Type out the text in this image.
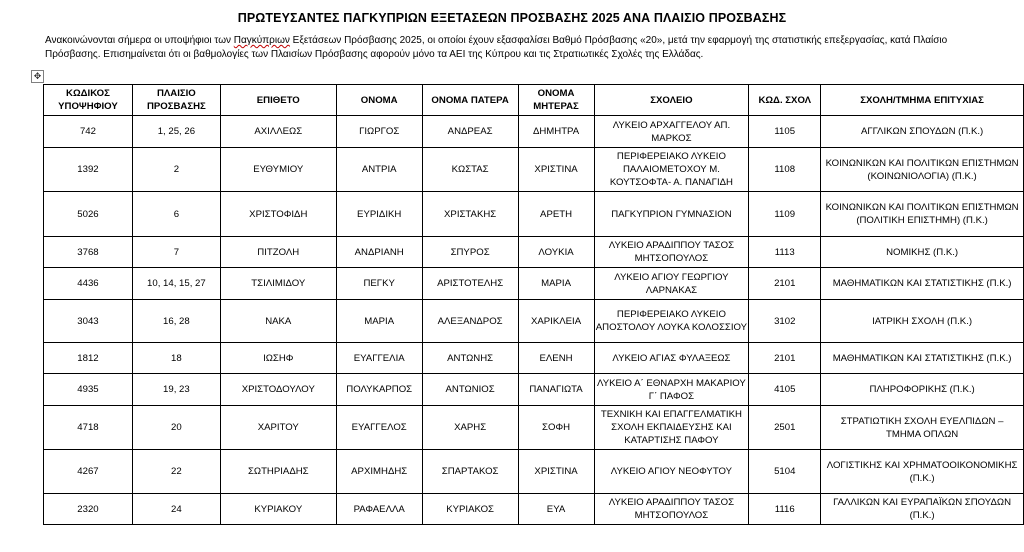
ΠΡΩΤΕΥΣΑΝΤΕΣ ΠΑΓΚΥΠΡΙΩΝ ΕΞΕΤΑΣΕΩΝ ΠΡΟΣΒΑΣΗΣ 2025 ΑΝΑ ΠΛΑΙΣΙΟ ΠΡΟΣΒΑΣΗΣ
Ανακοινώνονται σήμερα οι υποψήφιοι των Παγκύπριων Εξετάσεων Πρόσβασης 2025, οι οποίοι έχουν εξασφαλίσει Βαθμό Πρόσβασης «20», μετά την εφαρμογή της στατιστικής επεξεργασίας, κατά Πλαίσιο Πρόσβασης. Επισημαίνεται ότι οι βαθμολογίες των Πλαισίων Πρόσβασης αφορούν μόνο τα ΑΕΙ της Κύπρου και τις Στρατιωτικές Σχολές της Ελλάδας.
✥
ΚΩΔΙΚΟΣ ΥΠΟΨΗΦΙΟΥ	ΠΛΑΙΣΙΟ ΠΡΟΣΒΑΣΗΣ	ΕΠΙΘΕΤΟ	ΟΝΟΜΑ	ΟΝΟΜΑ ΠΑΤΕΡΑ	ΟΝΟΜΑ ΜΗΤΕΡΑΣ	ΣΧΟΛΕΙΟ	ΚΩΔ. ΣΧΟΛ	ΣΧΟΛΗ/ΤΜΗΜΑ ΕΠΙΤΥΧΙΑΣ
742	1, 25, 26	ΑΧΙΛΛΕΩΣ	ΓΙΩΡΓΟΣ	ΑΝΔΡΕΑΣ	ΔΗΜΗΤΡΑ	ΛΥΚΕΙΟ ΑΡΧΑΓΓΕΛΟΥ ΑΠ. ΜΑΡΚΟΣ	1105	ΑΓΓΛΙΚΩΝ ΣΠΟΥΔΩΝ (Π.Κ.)
1392	2	ΕΥΘΥΜΙΟΥ	ΑΝΤΡΙΑ	ΚΩΣΤΑΣ	ΧΡΙΣΤΙΝΑ	ΠΕΡΙΦΕΡΕΙΑΚΟ ΛΥΚΕΙΟ ΠΑΛΑΙΟΜΕΤΟΧΟΥ Μ. ΚΟΥΤΣΟΦΤΑ- Α. ΠΑΝΑΓΙΔΗ	1108	ΚΟΙΝΩΝΙΚΩΝ ΚΑΙ ΠΟΛΙΤΙΚΩΝ ΕΠΙΣΤΗΜΩΝ (ΚΟΙΝΩΝΙΟΛΟΓΙΑ) (Π.Κ.)
5026	6	ΧΡΙΣΤΟΦΙΔΗ	ΕΥΡΙΔΙΚΗ	ΧΡΙΣΤΑΚΗΣ	ΑΡΕΤΗ	ΠΑΓΚΥΠΡΙΟΝ ΓΥΜΝΑΣΙΟΝ	1109	ΚΟΙΝΩΝΙΚΩΝ ΚΑΙ ΠΟΛΙΤΙΚΩΝ ΕΠΙΣΤΗΜΩΝ (ΠΟΛΙΤΙΚΗ ΕΠΙΣΤΗΜΗ) (Π.Κ.)
3768	7	ΠΙΤΖΟΛΗ	ΑΝΔΡΙΑΝΗ	ΣΠΥΡΟΣ	ΛΟΥΚΙΑ	ΛΥΚΕΙΟ ΑΡΑΔΙΠΠΟΥ ΤΑΣΟΣ ΜΗΤΣΟΠΟΥΛΟΣ	1113	ΝΟΜΙΚΗΣ (Π.Κ.)
4436	10, 14, 15, 27	ΤΣΙΛΙΜΙΔΟΥ	ΠΕΓΚΥ	ΑΡΙΣΤΟΤΕΛΗΣ	ΜΑΡΙΑ	ΛΥΚΕΙΟ ΑΓΙΟΥ ΓΕΩΡΓΙΟΥ ΛΑΡΝΑΚΑΣ	2101	ΜΑΘΗΜΑΤΙΚΩΝ ΚΑΙ ΣΤΑΤΙΣΤΙΚΗΣ (Π.Κ.)
3043	16, 28	ΝΑΚΑ	ΜΑΡΙΑ	ΑΛΕΞΑΝΔΡΟΣ	ΧΑΡΙΚΛΕΙΑ	ΠΕΡΙΦΕΡΕΙΑΚΟ ΛΥΚΕΙΟ ΑΠΟΣΤΟΛΟΥ ΛΟΥΚΑ ΚΟΛΟΣΣΙΟΥ	3102	ΙΑΤΡΙΚΗ ΣΧΟΛΗ (Π.Κ.)
1812	18	ΙΩΣΗΦ	ΕΥΑΓΓΕΛΙΑ	ΑΝΤΩΝΗΣ	ΕΛΕΝΗ	ΛΥΚΕΙΟ ΑΓΙΑΣ ΦΥΛΑΞΕΩΣ	2101	ΜΑΘΗΜΑΤΙΚΩΝ ΚΑΙ ΣΤΑΤΙΣΤΙΚΗΣ (Π.Κ.)
4935	19, 23	ΧΡΙΣΤΟΔΟΥΛΟΥ	ΠΟΛΥΚΑΡΠΟΣ	ΑΝΤΩΝΙΟΣ	ΠΑΝΑΓΙΩΤΑ	ΛΥΚΕΙΟ Α΄ ΕΘΝΑΡΧΗ ΜΑΚΑΡΙΟΥ Γ΄ ΠΑΦΟΣ	4105	ΠΛΗΡΟΦΟΡΙΚΗΣ (Π.Κ.)
4718	20	ΧΑΡΙΤΟΥ	ΕΥΑΓΓΕΛΟΣ	ΧΑΡΗΣ	ΣΟΦΗ	ΤΕΧΝΙΚΗ ΚΑΙ ΕΠΑΓΓΕΛΜΑΤΙΚΗ ΣΧΟΛΗ ΕΚΠΑΙΔΕΥΣΗΣ ΚΑΙ ΚΑΤΑΡΤΙΣΗΣ ΠΑΦΟΥ	2501	ΣΤΡΑΤΙΩΤΙΚΗ ΣΧΟΛΗ ΕΥΕΛΠΙΔΩΝ – ΤΜΗΜΑ ΟΠΛΩΝ
4267	22	ΣΩΤΗΡΙΑΔΗΣ	ΑΡΧΙΜΗΔΗΣ	ΣΠΑΡΤΑΚΟΣ	ΧΡΙΣΤΙΝΑ	ΛΥΚΕΙΟ ΑΓΙΟΥ ΝΕΟΦΥΤΟΥ	5104	ΛΟΓΙΣΤΙΚΗΣ ΚΑΙ ΧΡΗΜΑΤΟΟΙΚΟΝΟΜΙΚΗΣ (Π.Κ.)
2320	24	ΚΥΡΙΑΚΟΥ	ΡΑΦΑΕΛΛΑ	ΚΥΡΙΑΚΟΣ	ΕΥΑ	ΛΥΚΕΙΟ ΑΡΑΔΙΠΠΟΥ ΤΑΣΟΣ ΜΗΤΣΟΠΟΥΛΟΣ	1116	ΓΑΛΛΙΚΩΝ ΚΑΙ ΕΥΡΑΠΑΪΚΩΝ ΣΠΟΥΔΩΝ (Π.Κ.)
